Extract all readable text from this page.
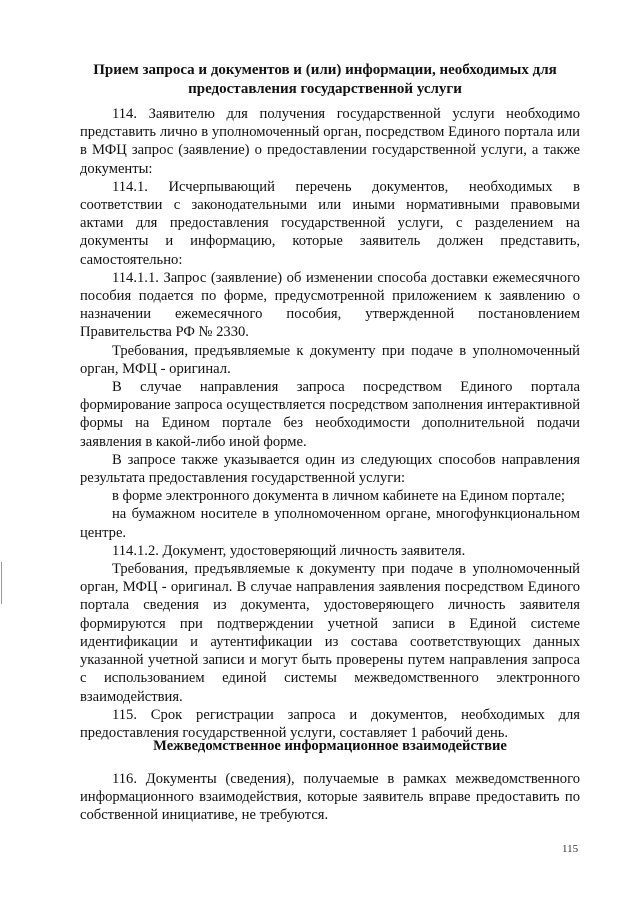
Прием запроса и документов и (или) информации, необходимых для
предоставления государственной услуги

114. Заявителю для получения государственной услуги необходимо представить лично в уполномоченный орган, посредством Единого портала или в МФЦ запрос (заявление) о предоставлении государственной услуги, а также документы:

114.1. Исчерпывающий перечень документов, необходимых в соответствии с законодательными или иными нормативными правовыми актами для предоставления государственной услуги, с разделением на документы и информацию, которые заявитель должен представить, самостоятельно:

114.1.1. Запрос (заявление) об изменении способа доставки ежемесячного пособия подается по форме, предусмотренной приложением к заявлению о назначении ежемесячного пособия, утвержденной постановлением Правительства РФ № 2330.

Требования, предъявляемые к документу при подаче в уполномоченный орган, МФЦ - оригинал.

В случае направления запроса посредством Единого портала формирование запроса осуществляется посредством заполнения интерактивной формы на Едином портале без необходимости дополнительной подачи заявления в какой-либо иной форме.

В запросе также указывается один из следующих способов направления результата предоставления государственной услуги:

в форме электронного документа в личном кабинете на Едином портале;

на бумажном носителе в уполномоченном органе, многофункциональном центре.

114.1.2. Документ, удостоверяющий личность заявителя.

Требования, предъявляемые к документу при подаче в уполномоченный орган, МФЦ - оригинал. В случае направления заявления посредством Единого портала сведения из документа, удостоверяющего личность заявителя формируются при подтверждении учетной записи в Единой системе идентификации и аутентификации из состава соответствующих данных указанной учетной записи и могут быть проверены путем направления запроса с использованием единой системы межведомственного электронного взаимодействия.

115. Срок регистрации запроса и документов, необходимых для предоставления государственной услуги, составляет 1 рабочий день.

Межведомственное информационное взаимодействие

116. Документы (сведения), получаемые в рамках межведомственного информационного взаимодействия, которые заявитель вправе предоставить по собственной инициативе, не требуются.

115
